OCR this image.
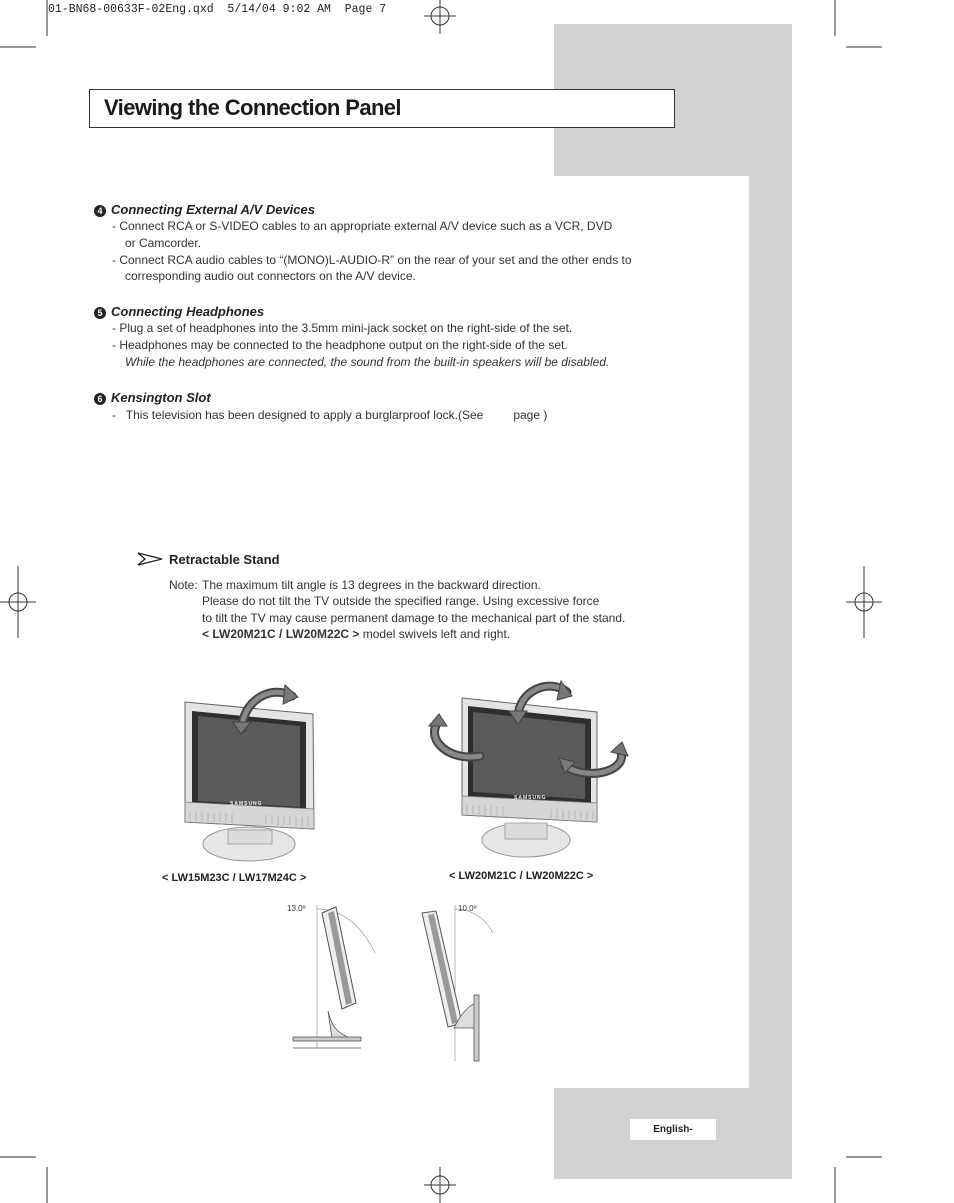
01-BN68-00633F-02Eng.qxd  5/14/04 9:02 AM  Page 7
Viewing the Connection Panel
4 Connecting External A/V Devices
- Connect RCA or S-VIDEO cables to an appropriate external A/V device such as a VCR, DVD
or Camcorder.
- Connect RCA audio cables to “(MONO)L-AUDIO-R” on the rear of your set and the other ends to
corresponding audio out connectors on the A/V device.
5 Connecting Headphones
- Plug a set of headphones into the 3.5mm mini-jack socket on the right-side of the set.
- Headphones may be connected to the headphone output on the right-side of the set.
While the headphones are connected, the sound from the built-in speakers will be disabled.
6 Kensington Slot
-   This television has been designed to apply a burglarproof lock.(See         page )
Retractable Stand
Note: The maximum tilt angle is 13 degrees in the backward direction.
Please do not tilt the TV outside the specified range. Using excessive force
to tilt the TV may cause permanent damage to the mechanical part of the stand.
< LW20M21C / LW20M22C > model swivels left and right.
SAMSUNG
SAMSUNG
< LW15M23C / LW17M24C >	< LW20M21C / LW20M22C >
13.0º	10.0º
English-
